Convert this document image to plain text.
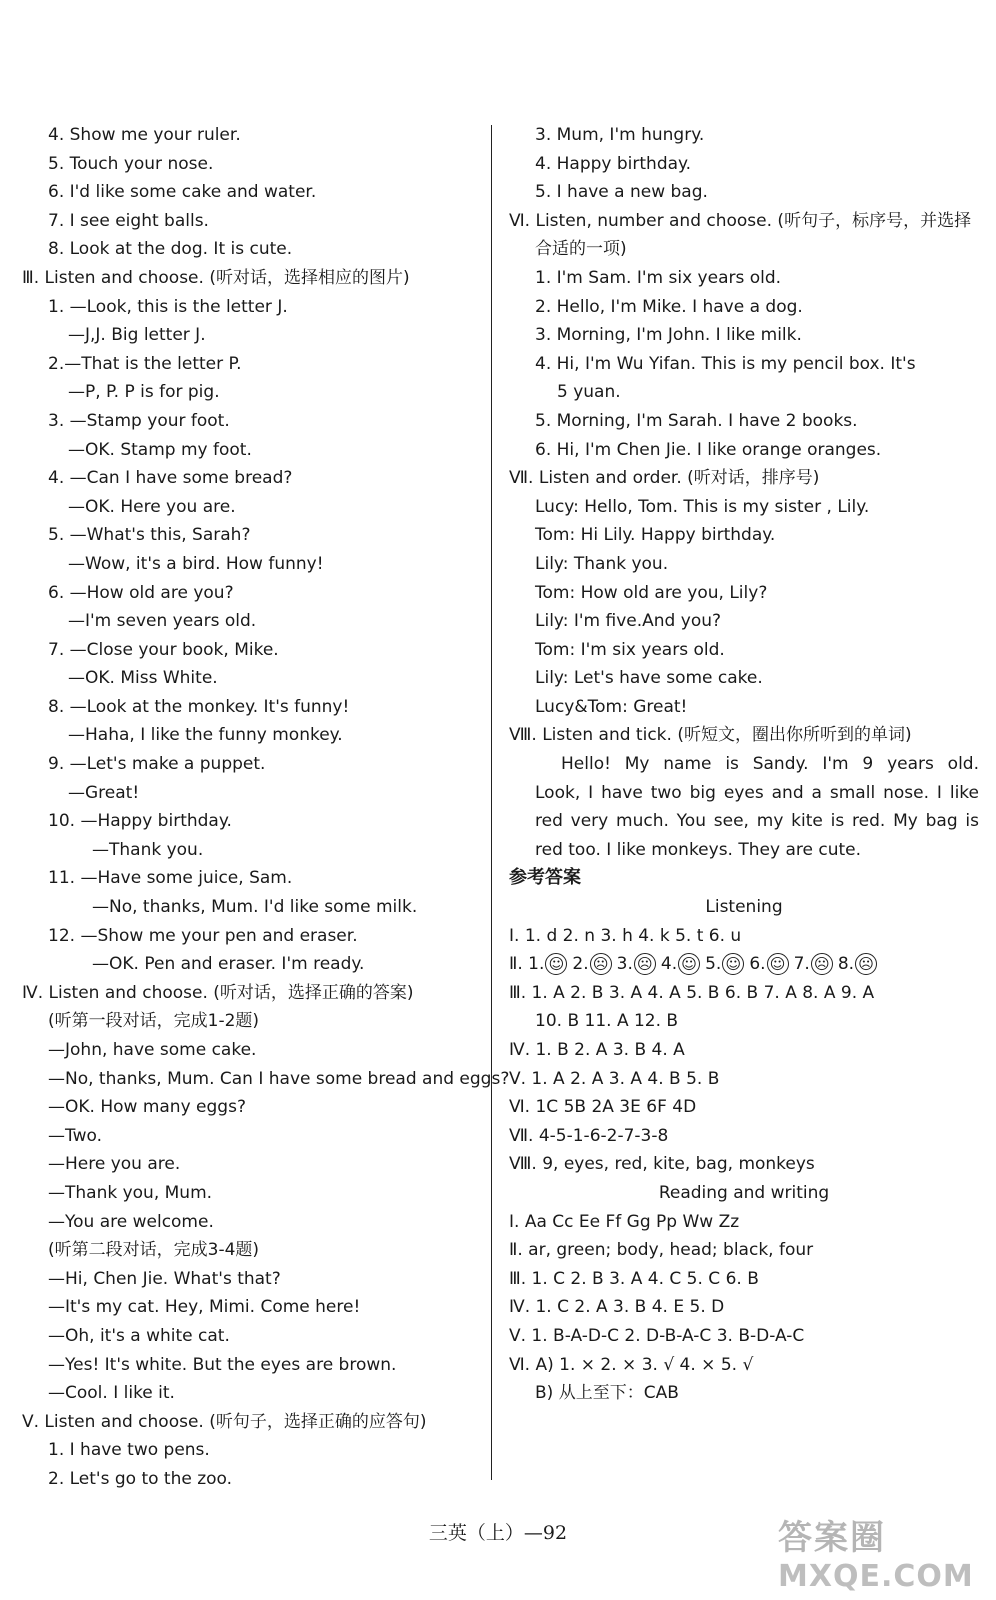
4. Show me your ruler.
5. Touch your nose.
6. I'd like some cake and water.
7. I see eight balls.
8. Look at the dog. It is cute.
Ⅲ. Listen and choose. (听对话，选择相应的图片)
1. —Look, this is the letter J.
—J,J. Big letter J.
2.—That is the letter P.
—P, P. P is for pig.
3. —Stamp your foot.
—OK. Stamp my foot.
4. —Can I have some bread?
—OK. Here you are.
5. —What's this, Sarah?
—Wow, it's a bird. How funny!
6. —How old are you?
—I'm seven years old.
7. —Close your book, Mike.
—OK. Miss White.
8. —Look at the monkey. It's funny!
—Haha, I like the funny monkey.
9. —Let's make a puppet.
—Great!
10. —Happy birthday.
—Thank you.
11. —Have some juice, Sam.
—No, thanks, Mum. I'd like some milk.
12. —Show me your pen and eraser.
—OK. Pen and eraser. I'm ready.
Ⅳ. Listen and choose. (听对话，选择正确的答案)
(听第一段对话，完成1-2题)
—John, have some cake.
—No, thanks, Mum. Can I have some bread and eggs?
—OK. How many eggs?
—Two.
—Here you are.
—Thank you, Mum.
—You are welcome.
(听第二段对话，完成3-4题)
—Hi, Chen Jie. What's that?
—It's my cat. Hey, Mimi. Come here!
—Oh, it's a white cat.
—Yes! It's white. But the eyes are brown.
—Cool. I like it.
Ⅴ. Listen and choose. (听句子，选择正确的应答句)
1. I have two pens.
2. Let's go to the zoo.
3. Mum, I'm hungry.
4. Happy birthday.
5. I have a new bag.
Ⅵ. Listen, number and choose. (听句子，标序号，并选择
合适的一项)
1. I'm Sam. I'm six years old.
2. Hello, I'm Mike. I have a dog.
3. Morning, I'm John. I like milk.
4. Hi, I'm Wu Yifan. This is my pencil box. It's
5 yuan.
5. Morning, I'm Sarah. I have 2 books.
6. Hi, I'm Chen Jie. I like orange oranges.
Ⅶ. Listen and order. (听对话，排序号)
Lucy: Hello, Tom. This is my sister , Lily.
Tom: Hi Lily. Happy birthday.
Lily: Thank you.
Tom: How old are you, Lily?
Lily: I'm five.And you?
Tom: I'm six years old.
Lily: Let's have some cake.
Lucy&Tom: Great!
Ⅷ. Listen and tick. (听短文，圈出你所听到的单词)
Hello! My name is Sandy. I'm 9 years old.
Look, I have two big eyes and a small nose. I like
red very much. You see, my kite is red. My bag is
red too. I like monkeys. They are cute.
参考答案
Listening
Ⅰ. 1. d 2. n 3. h 4. k 5. t 6. u
Ⅱ. 1. ☺ 2. ☹ 3. ☹ 4. ☺ 5. ☺ 6. ☺ 7. ☹ 8. ☹
Ⅲ. 1. A 2. B 3. A 4. A 5. B 6. B 7. A 8. A 9. A
10. B 11. A 12. B
Ⅳ. 1. B 2. A 3. B 4. A
Ⅴ. 1. A 2. A 3. A 4. B 5. B
Ⅵ. 1C 5B 2A 3E 6F 4D
Ⅶ. 4-5-1-6-2-7-3-8
Ⅷ. 9, eyes, red, kite, bag, monkeys
Reading and writing
Ⅰ. Aa Cc Ee Ff Gg Pp Ww Zz
Ⅱ. ar, green; body, head; black, four
Ⅲ. 1. C 2. B 3. A 4. C 5. C 6. B
Ⅳ. 1. C 2. A 3. B 4. E 5. D
Ⅴ. 1. B-A-D-C 2. D-B-A-C 3. B-D-A-C
Ⅵ. A) 1. × 2. × 3. √ 4. × 5. √
B) 从上至下：CAB
三英（上）—92	答案圈
MXQE.COM
